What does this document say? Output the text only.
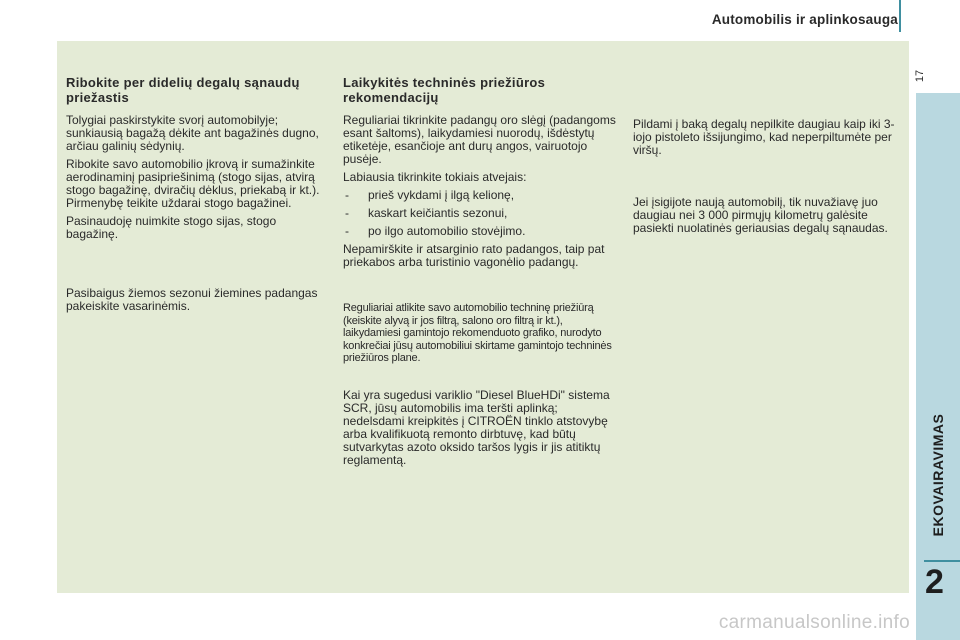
Automobilis ir aplinkosauga
17
EKOVAIRAVIMAS
2
Ribokite per didelių degalų sąnaudų priežastis

Tolygiai paskirstykite svorį automobilyje; sunkiausią bagažą dėkite ant bagažinės dugno, arčiau galinių sėdynių.

Ribokite savo automobilio įkrovą ir sumažinkite aerodinaminį pasipriešinimą (stogo sijas, atvirą stogo bagažinę, dviračių dėklus, priekabą ir kt.). Pirmenybę teikite uždarai stogo bagažinei.

Pasinaudoję nuimkite stogo sijas, stogo bagažinę.

Pasibaigus žiemos sezonui žiemines padangas pakeiskite vasarinėmis.

Laikykitės techninės priežiūros rekomendacijų

Reguliariai tikrinkite padangų oro slėgį (padangoms esant šaltoms), laikydamiesi nuorodų, išdėstytų etiketėje, esančioje ant durų angos, vairuotojo pusėje.

Labiausia tikrinkite tokiais atvejais:

- prieš vykdami į ilgą kelionę,
- kaskart keičiantis sezonui,
- po ilgo automobilio stovėjimo.

Nepamirškite ir atsarginio rato padangos, taip pat priekabos arba turistinio vagonėlio padangų.

Reguliariai atlikite savo automobilio techninę priežiūrą (keiskite alyvą ir jos filtrą, salono oro filtrą ir kt.), laikydamiesi gamintojo rekomenduoto grafiko, nurodyto konkrečiai jūsų automobiliui skirtame gamintojo techninės priežiūros plane.

Kai yra sugedusi variklio "Diesel BlueHDi" sistema SCR, jūsų automobilis ima teršti aplinką; nedelsdami kreipkitės į CITROËN tinklo atstovybę arba kvalifikuotą remonto dirbtuvę, kad būtų sutvarkytas azoto oksido taršos lygis ir jis atitiktų reglamentą.

Pildami į baką degalų nepilkite daugiau kaip iki 3-iojo pistoleto išsijungimo, kad neperpiltumėte per viršų.

Jei įsigijote naują automobilį, tik nuvažiavę juo daugiau nei 3 000 pirmųjų kilometrų galėsite pasiekti nuolatinės geriausias degalų sąnaudas.

carmanualsonline.info
